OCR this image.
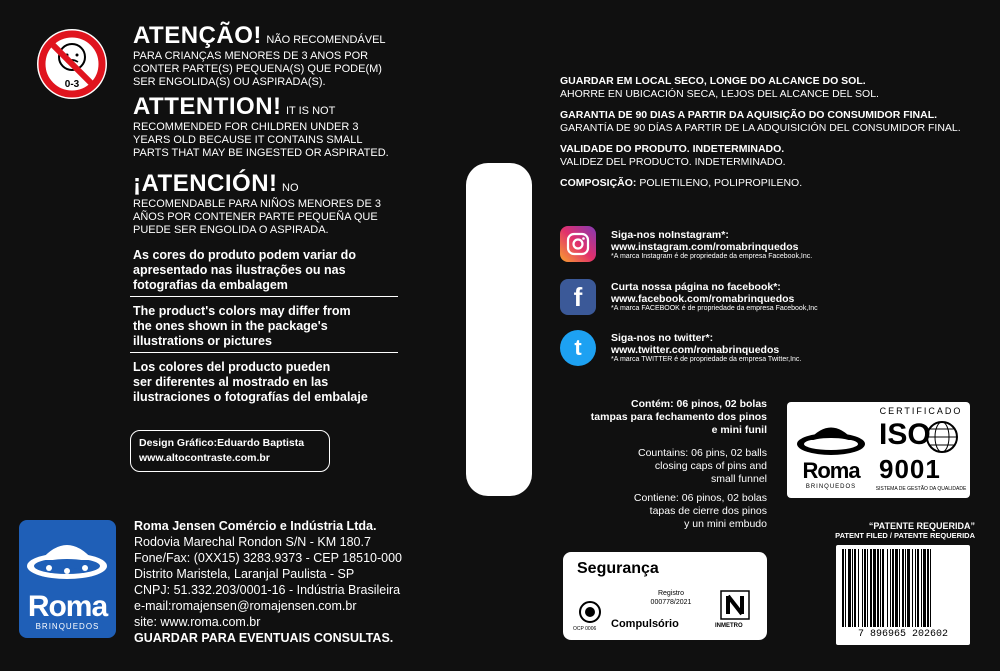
0-3
ATENÇÃO! NÃO RECOMENDÁVEL
PARA CRIANÇAS MENORES DE 3 ANOS POR
CONTER PARTE(S) PEQUENA(S) QUE PODE(M)
SER ENGOLIDA(S) OU ASPIRADA(S).
ATTENTION! IT IS NOT
RECOMMENDED FOR CHILDREN UNDER 3
YEARS OLD BECAUSE IT CONTAINS SMALL
PARTS THAT MAY BE INGESTED OR ASPIRATED.
¡ATENCIÓN! NO
RECOMENDABLE PARA NIÑOS MENORES DE 3
AÑOS POR CONTENER PARTE PEQUEÑA QUE
PUEDE SER ENGOLIDA O ASPIRADA.
As cores do produto podem variar do
apresentado nas ilustrações ou nas
fotografias da embalagem
The product's colors may differ from
the ones shown in the package's
illustrations or pictures
Los colores del producto pueden
ser diferentes al mostrado en las
ilustraciones o fotografías del embalaje
Design Gráfico:Eduardo Baptista
www.altocontraste.com.br
Roma
BRINQUEDOS
Roma Jensen Comércio e Indústria Ltda.
Rodovia Marechal Rondon S/N - KM 180.7
Fone/Fax: (0XX15) 3283.9373 - CEP 18510-000
Distrito Maristela, Laranjal Paulista - SP
CNPJ: 51.332.203/0001-16 - Indústria Brasileira
e-mail:romajensen@romajensen.com.br
site: www.roma.com.br
GUARDAR PARA EVENTUAIS CONSULTAS.
GUARDAR EM LOCAL SECO, LONGE DO ALCANCE DO SOL.
AHORRE EN UBICACIÓN SECA, LEJOS DEL ALCANCE DEL SOL.
GARANTIA DE 90 DIAS A PARTIR DA AQUISIÇÃO DO CONSUMIDOR FINAL.
GARANTÍA DE 90 DÍAS A PARTIR DE LA ADQUISICIÓN DEL CONSUMIDOR FINAL.
VALIDADE DO PRODUTO. INDETERMINADO.
VALIDEZ DEL PRODUCTO. INDETERMINADO.
COMPOSIÇÃO: POLIETILENO, POLIPROPILENO.
Siga-nos noInstagram*:
www.instagram.com/romabrinquedos
*A marca Instagram é de propriedade da empresa Facebook,Inc.
f	Curta nossa página no facebook*:
www.facebook.com/romabrinquedos
*A marca FACEBOOK é de propriedade da empresa Facebook,Inc
t	Siga-nos no twitter*:
www.twitter.com/romabrinquedos
*A marca TWITTER é de propriedade da empresa Twitter,Inc.
Contém: 06 pinos, 02 bolas
tampas para fechamento dos pinos
e mini funil
Countains: 06 pins, 02 balls
closing caps of pins and
small funnel
Contiene: 06 pinos, 02 bolas
tapas de cierre dos pinos
y un mini embudo
Roma
BRINQUEDOS
CERTIFICADO
ISO
9001
SISTEMA DE GESTÃO DA QUALIDADE
“PATENTE REQUERIDA”
PATENT FILED / PATENTE REQUERIDA
7 896965 202602
Segurança
Registro
000778/2021
OCP 0006 Compulsório	INMETRO
